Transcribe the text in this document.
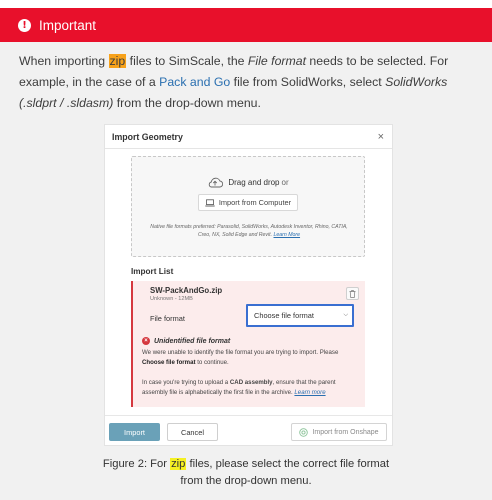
! Important

When importing zip files to SimScale, the File format needs to be selected. For example, in the case of a Pack and Go file from SolidWorks, select SolidWorks (.sldprt / .sldasm) from the drop-down menu.

Import Geometry	×
Drag and drop or
Import from Computer

Native file formats preferred: Parasolid, SolidWorks, Autodesk Inventor, Rhino, CATIA, Creo, NX, Solid Edge and Revit. Learn More

Import List
SW-PackAndGo.zip
Unknown - 12MB
File format	Choose file format	⌵
× Unidentified file format

We were unable to identify the file format you are trying to import. Please Choose file format to continue.

In case you're trying to upload a CAD assembly, ensure that the parent assembly file is alphabetically the first file in the archive. Learn more

Import	Cancel	Import from Onshape
Figure 2: For zip files, please select the correct file format
from the drop-down menu.
